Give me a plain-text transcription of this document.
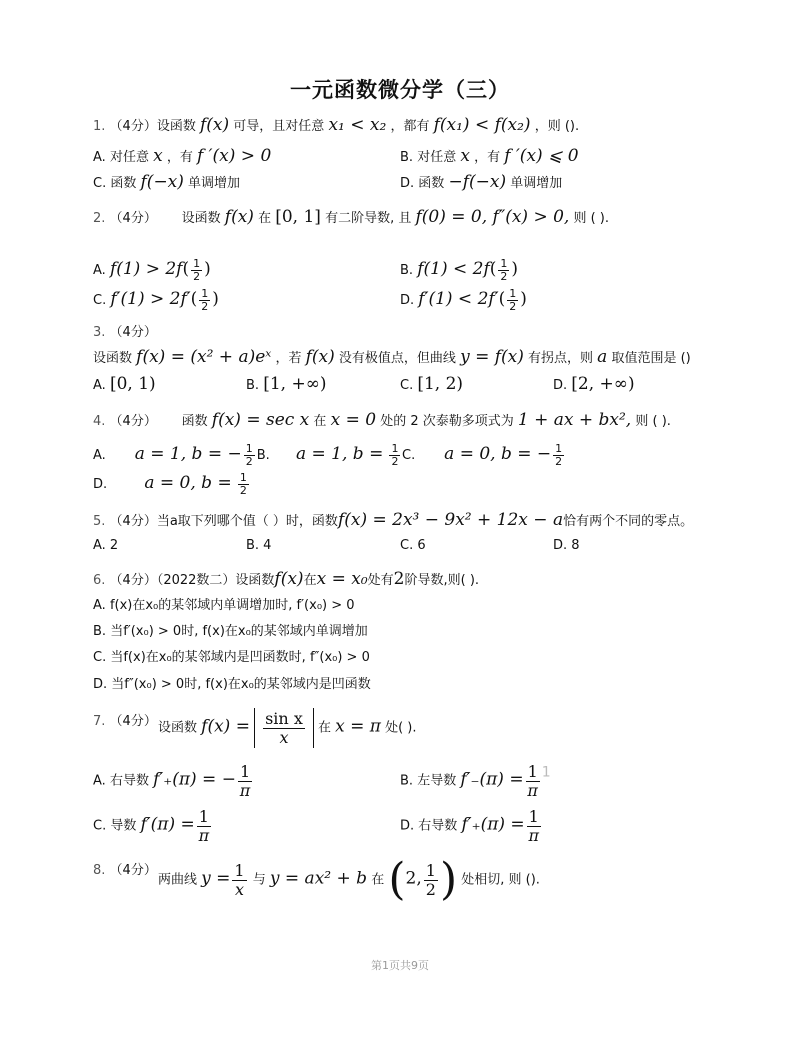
一元函数微分学（三）
1. （4分）设函数 f(x) 可导，且对任意 x₁ < x₂ ，都有 f(x₁) < f(x₂) ，则 ().
A. 对任意 x ，有 f ′(x) > 0	B. 对任意 x ，有 f ′(x) ⩽ 0
C. 函数 f(−x) 单调增加	D. 函数 −f(−x) 单调增加
2. （4分） 设函数 f(x) 在 [0, 1] 有二阶导数, 且 f(0) = 0, f″(x) > 0, 则 ( ).
A. $f(1) > 2f( \frac{1}{2}$ )	B. $f(1) < 2f( \frac{1}{2}$ )
C. $f'(1) > 2f'( \frac{1}{2}$ )	D. $f'(1) < 2f'( \frac{1}{2}$ )
3. （4分）
设函数 f(x) = (x² + a)eˣ ，若 f(x) 没有极值点，但曲线 y = f(x) 有拐点，则 a 取值范围是 ()
A. [0, 1)	B. [1, +∞)	C. [1, 2)	D. [2, +∞)
4. （4分） 函数 f(x) = sec x 在 x = 0 处的 2 次泰勒多项式为 1 + ax + bx², 则 ( ).
A. a = 1, b = − $\frac{1}{2} B$.	a = 1, $b = \frac{1}{2} C$. a = 0, b = − $\frac{1}{2}$
D. a = 0, $b = \frac{1}{2}$
5. （4分）当a取下列哪个值（ ）时，函数f(x) = 2x³ − 9x² + 12x − a恰有两个不同的零点。
A. 2	B. 4	C. 6	D. 8
6. （4分）（2022数二）设函数f(x)在x = x₀处有2阶导数,则( ).
A. f(x)在x₀的某邻域内单调增加时, f′(x₀) > 0
B. 当f′(x₀) > 0时, f(x)在x₀的某邻域内单调增加
C. 当f(x)在x₀的某邻域内是凹函数时, f″(x₀) > 0
D. 当f″(x₀) > 0时, f(x)在x₀的某邻域内是凹函数
7. （4分） 设函数 $f(x) = \frac{\text{sin x}}{x}$ 在 x = π 处( ).
A. 右导数 f′₊(π) = − $\frac{1}{\pi}$	B. 左导数 $f'_-(\pi) = \frac{1}{\pi} 1$
C. 导数 $f'(\pi) = \frac{1}{\pi}$	D. 右导数 $f'_+(\pi) = \frac{1}{\pi}$
8. （4分）
两曲线 $y = \frac{1}{x}$ 与 y = ax² + b 在 (2, $\frac{1}{2}$ ) 处相切, 则 ().
第1页共9页
